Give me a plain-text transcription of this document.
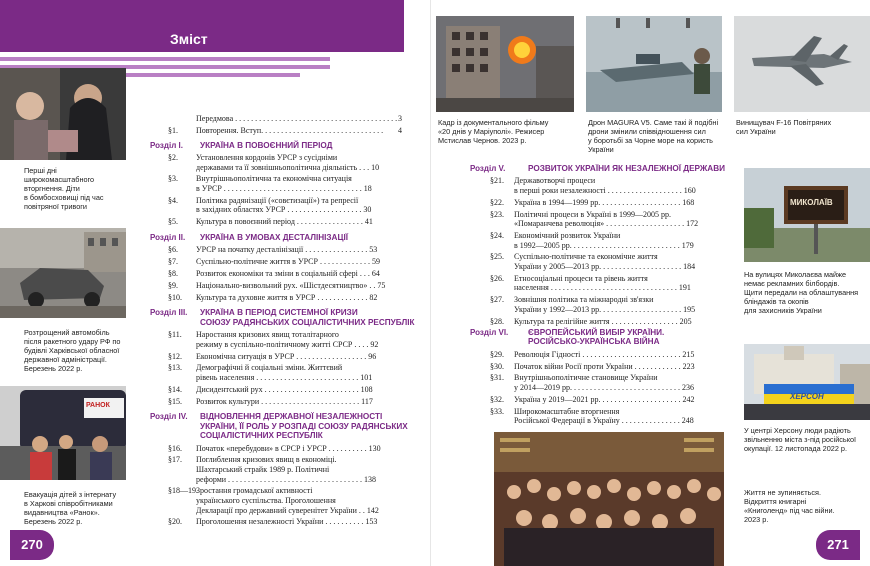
Зміст
РАНОК
Перші дні
широкомасштабного
вторгнення. Діти
в бомбосховищі під час
повітряної тривоги
Розтрощений автомобіль
після ракетного удару РФ по
будівлі Харківської обласної
державної адміністрації.
Березень 2022 р.
Евакуація дітей з інтернату
в Харкові співробітниками
видавництва «Ранок».
Березень 2022 р.
Передмова . . . . . . . . . . . . . . . . . . . . . . . . . . . . . . . . . . . . . . . . . 3
§1. Повторення. Вступ. . . . . . . . . . . . . . . . . . . . . . . . . . . . . . .	4
Розділ I. УКРАЇНА В ПОВОЄННИЙ ПЕРІОД
§2. Установлення кордонів УРСР з сусідніми
державами та її зовнішньополітична діяльність . . . 10
§3. Внутрішньополітична та економічна ситуація
в УРСР . . . . . . . . . . . . . . . . . . . . . . . . . . . . . . . . . . . 18
§4. Політика радянізації («совєтизації») та репресії
в західних областях УРСР . . . . . . . . . . . . . . . . . . . 30
§5. Культура в повоєнний період . . . . . . . . . . . . . . . . . 41
Розділ II. УКРАЇНА В УМОВАХ ДЕСТАЛІНІЗАЦІЇ
§6. УРСР на початку десталінізації . . . . . . . . . . . . . . . . 53
§7. Суспільно-політичне життя в УРСР . . . . . . . . . . . . . 59
§8. Розвиток економіки та зміни в соціальній сфері . . . 64
§9. Національно-визвольний рух. «Шістдесятництво» . . 75
§10. Культура та духовне життя в УРСР . . . . . . . . . . . . . 82
Розділ III. УКРАЇНА В ПЕРІОД СИСТЕМНОЇ КРИЗИ
СОЮЗУ РАДЯНСЬКИХ СОЦІАЛІСТИЧНИХ РЕСПУБЛІК
§11. Наростання кризових явищ тоталітарного
режиму в суспільно-політичному житті СРСР . . . . 92
§12. Економічна ситуація в УРСР . . . . . . . . . . . . . . . . . . 96
§13. Демографічні й соціальні зміни. Життєвий
рівень населення . . . . . . . . . . . . . . . . . . . . . . . . . . 101
§14. Дисидентський рух . . . . . . . . . . . . . . . . . . . . . . . . 108
§15. Розвиток культури . . . . . . . . . . . . . . . . . . . . . . . . . 117
Розділ IV. ВІДНОВЛЕННЯ ДЕРЖАВНОЇ НЕЗАЛЕЖНОСТІ
УКРАЇНИ, ЇЇ РОЛЬ У РОЗПАДІ СОЮЗУ РАДЯНСЬКИХ
СОЦІАЛІСТИЧНИХ РЕСПУБЛІК
§16. Початок «перебудови» в СРСР і УРСР . . . . . . . . . . 130
§17. Поглиблення кризових явищ в економіці.
Шахтарський страйк 1989 р. Політичні
реформи . . . . . . . . . . . . . . . . . . . . . . . . . . . . . . . . . . 138
§18—19.
Зростання громадської активності
українського суспільства. Проголошення
Декларації про державний суверенітет України . . 142
§20. Проголошення незалежності України . . . . . . . . . . 153
Кадр із документального фільму
«20 днів у Маріуполі». Режисер
Мстислав Чернов. 2023 р.
Дрон MAGURA V5. Саме такі й подібні
дрони змінили співвідношення сил
у боротьбі за Чорне море на користь
України
Винищувач F-16 Повітряних
сил України
МИКОЛАЇВ
ХЕРСОН
На вулицях Миколаєва майже
немає рекламних білбордів.
Щити передали на облаштування
бліндажів та окопів
для захисників України
У центрі Херсону люди радіють
звільненню міста з-під російської
окупації. 12 листопада 2022 р.
Життя не зупиняється.
Відкриття книгарні
«Книголенд» під час війни.
2023 р.
Розділ V.	РОЗВИТОК УКРАЇНИ ЯК НЕЗАЛЕЖНОЇ ДЕРЖАВИ
§21. Державотворчі процеси
в перші роки незалежності . . . . . . . . . . . . . . . . . . . 160
§22. Україна в 1994—1999 рр. . . . . . . . . . . . . . . . . . . . . 168
§23. Політичні процеси в Україні в 1999—2005 рр.
«Помаранчева революція» . . . . . . . . . . . . . . . . . . . . 172
§24. Економічний розвиток України
в 1992—2005 рр. . . . . . . . . . . . . . . . . . . . . . . . . . . . 179
§25. Суспільно-політичне та економічне життя
України у 2005—2013 рр. . . . . . . . . . . . . . . . . . . . . 184
§26. Етносоціальні процеси та рівень життя
населення . . . . . . . . . . . . . . . . . . . . . . . . . . . . . . . . 191
§27. Зовнішня політика та міжнародні зв'язки
України у 1992—2013 рр. . . . . . . . . . . . . . . . . . . . . 195
§28. Культура та релігійне життя . . . . . . . . . . . . . . . . . 205
Розділ VI. ЄВРОПЕЙСЬКИЙ ВИБІР УКРАЇНИ.
РОСІЙСЬКО-УКРАЇНСЬКА ВІЙНА
§29. Революція Гідності . . . . . . . . . . . . . . . . . . . . . . . . . 215
§30. Початок війни Росії проти України . . . . . . . . . . . . 223
§31. Внутрішньополітичне становище України
у 2014—2019 рр. . . . . . . . . . . . . . . . . . . . . . . . . . . . 236
§32. Україна у 2019—2021 рр. . . . . . . . . . . . . . . . . . . . . 242
§33. Широкомасштабне вторгнення
Російської Федерації в Україну . . . . . . . . . . . . . . . 248
270	271
